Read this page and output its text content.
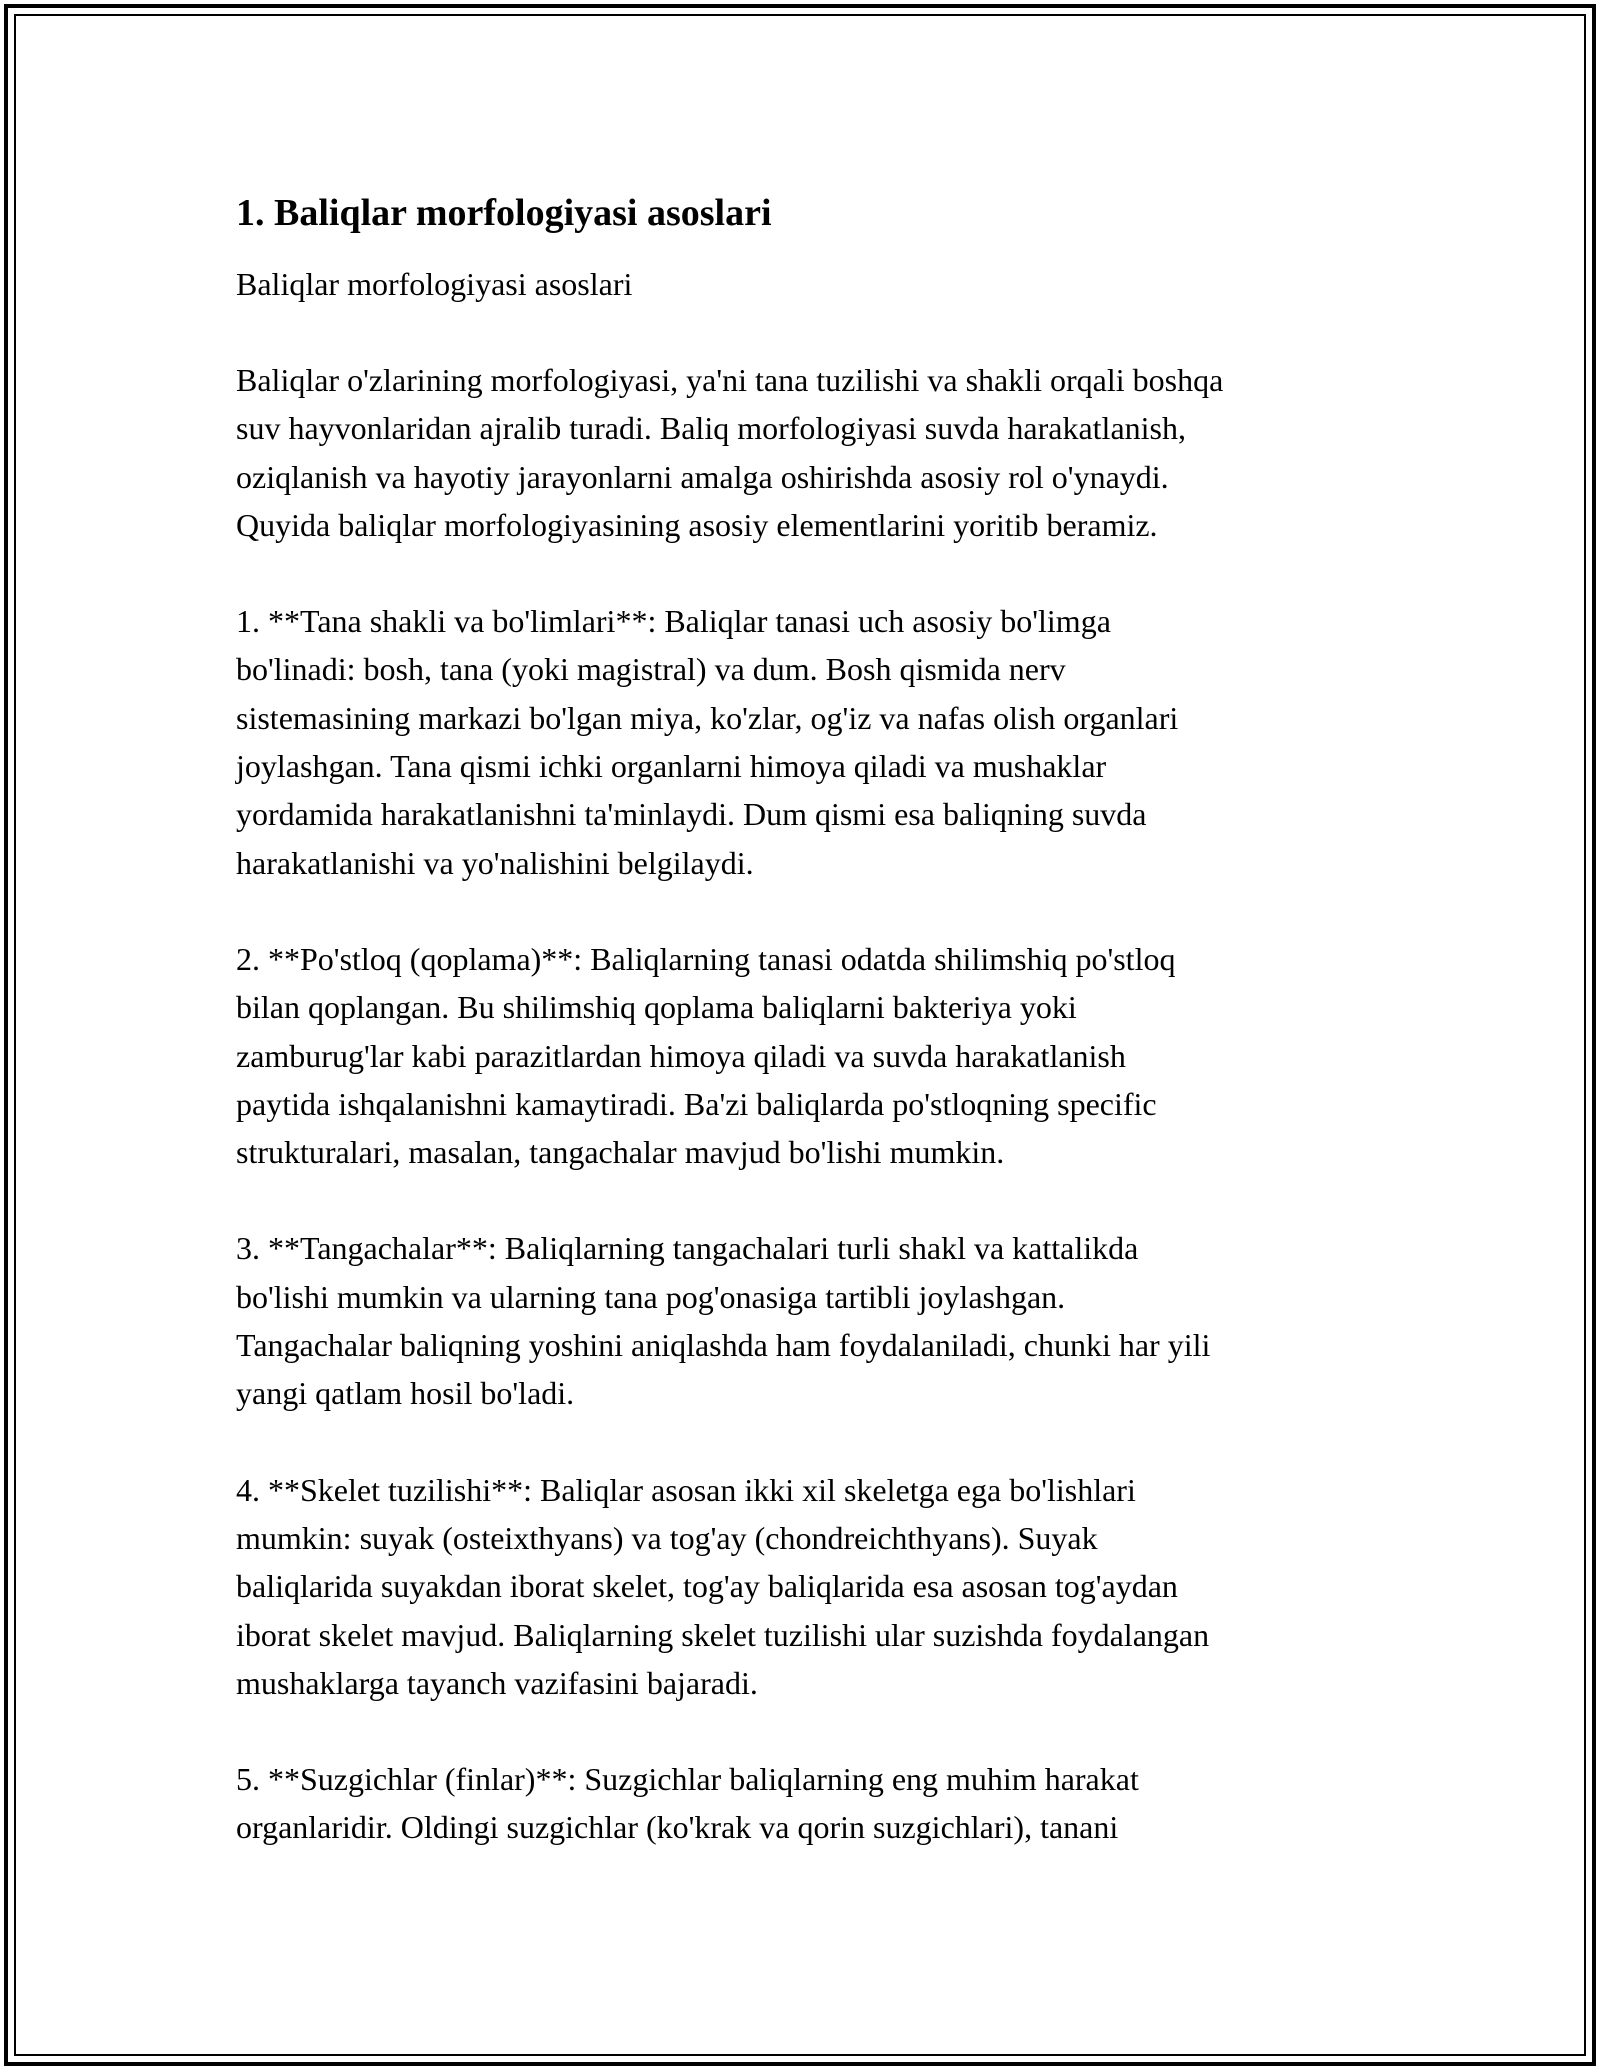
1. Baliqlar morfologiyasi asoslari
Baliqlar morfologiyasi asoslari
Baliqlar o'zlarining morfologiyasi, ya'ni tana tuzilishi va shakli orqali boshqa
suv hayvonlaridan ajralib turadi. Baliq morfologiyasi suvda harakatlanish,
oziqlanish va hayotiy jarayonlarni amalga oshirishda asosiy rol o'ynaydi.
Quyida baliqlar morfologiyasining asosiy elementlarini yoritib beramiz.
1. **Tana shakli va bo'limlari**: Baliqlar tanasi uch asosiy bo'limga
bo'linadi: bosh, tana (yoki magistral) va dum. Bosh qismida nerv
sistemasining markazi bo'lgan miya, ko'zlar, og'iz va nafas olish organlari
joylashgan. Tana qismi ichki organlarni himoya qiladi va mushaklar
yordamida harakatlanishni ta'minlaydi. Dum qismi esa baliqning suvda
harakatlanishi va yo'nalishini belgilaydi.
2. **Po'stloq (qoplama)**: Baliqlarning tanasi odatda shilimshiq po'stloq
bilan qoplangan. Bu shilimshiq qoplama baliqlarni bakteriya yoki
zamburug'lar kabi parazitlardan himoya qiladi va suvda harakatlanish
paytida ishqalanishni kamaytiradi. Ba'zi baliqlarda po'stloqning specific
strukturalari, masalan, tangachalar mavjud bo'lishi mumkin.
3. **Tangachalar**: Baliqlarning tangachalari turli shakl va kattalikda
bo'lishi mumkin va ularning tana pog'onasiga tartibli joylashgan.
Tangachalar baliqning yoshini aniqlashda ham foydalaniladi, chunki har yili
yangi qatlam hosil bo'ladi.
4. **Skelet tuzilishi**: Baliqlar asosan ikki xil skeletga ega bo'lishlari
mumkin: suyak (osteixthyans) va tog'ay (chondreichthyans). Suyak
baliqlarida suyakdan iborat skelet, tog'ay baliqlarida esa asosan tog'aydan
iborat skelet mavjud. Baliqlarning skelet tuzilishi ular suzishda foydalangan
mushaklarga tayanch vazifasini bajaradi.
5. **Suzgichlar (finlar)**: Suzgichlar baliqlarning eng muhim harakat
organlaridir. Oldingi suzgichlar (ko'krak va qorin suzgichlari), tanani
